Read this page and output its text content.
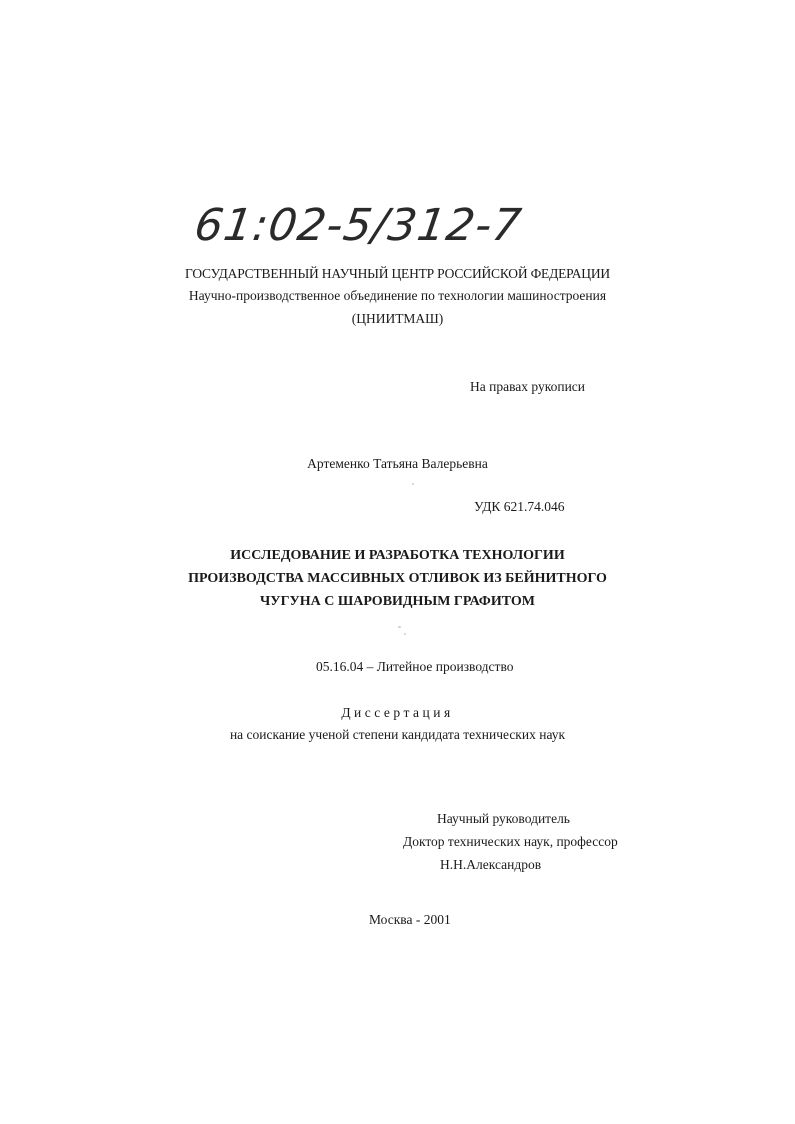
61:02-5/312-7
ГОСУДАРСТВЕННЫЙ НАУЧНЫЙ ЦЕНТР РОССИЙСКОЙ ФЕДЕРАЦИИ
Научно-производственное объединение по технологии машиностроения
(ЦНИИТМАШ)
На правах рукописи
Артеменко Татьяна Валерьевна
УДК 621.74.046
ИССЛЕДОВАНИЕ И РАЗРАБОТКА ТЕХНОЛОГИИ
ПРОИЗВОДСТВА МАССИВНЫХ ОТЛИВОК ИЗ БЕЙНИТНОГО
ЧУГУНА С ШАРОВИДНЫМ ГРАФИТОМ
05.16.04 – Литейное производство
Диссертация
на соискание ученой степени кандидата технических наук
Научный руководитель
Доктор технических наук, профессор
Н.Н.Александров
Москва - 2001
